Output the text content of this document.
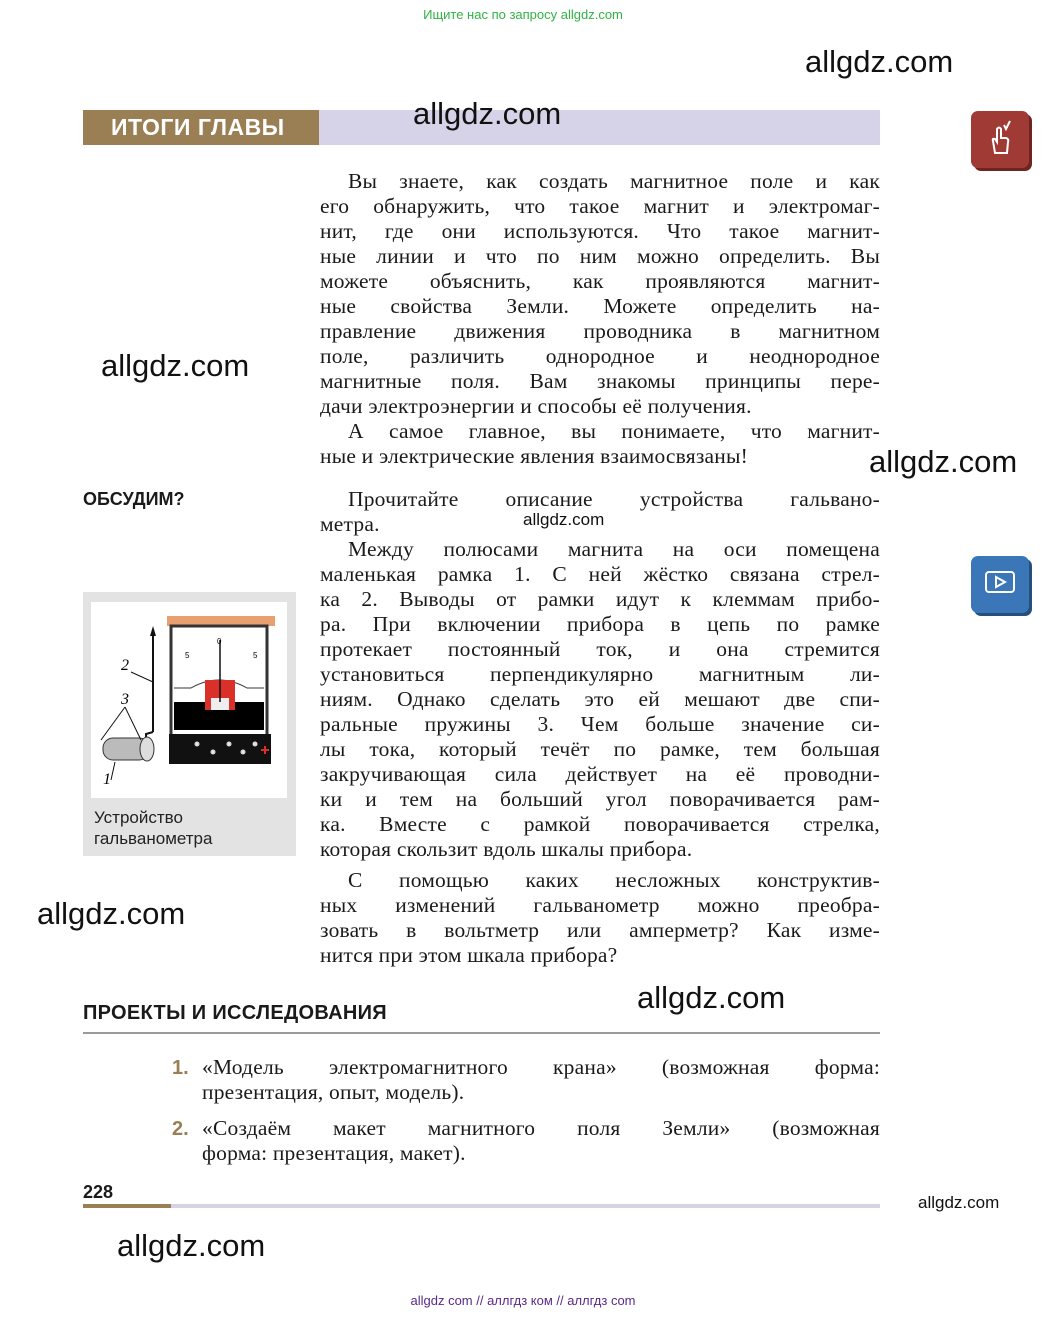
Ищите нас по запросу allgdz.com
ИТОГИ ГЛАВЫ
Вы знаете, как создать магнитное поле и как
его обнаружить, что такое магнит и электромаг-
нит, где они используются. Что такое магнит-
ные линии и что по ним можно определить. Вы
можете объяснить, как проявляются магнит-
ные свойства Земли. Можете определить на-
правление движения проводника в магнитном
поле, различить однородное и неоднородное
магнитные поля. Вам знакомы принципы пере-
дачи электроэнергии и способы её получения.
А самое главное, вы понимаете, что магнит-
ные и электрические явления взаимосвязаны!
ОБСУДИМ?	Прочитайте описание устройства гальвано-
метра.
Между полюсами магнита на оси помещена
маленькая рамка 1. С ней жёстко связана стрел-
ка 2. Выводы от рамки идут к клеммам прибо-
ра. При включении прибора в цепь по рамке
протекает постоянный ток, и она стремится
установиться перпендикулярно магнитным ли-
ниям. Однако сделать это ей мешают две спи-
ральные пружины 3. Чем больше значение си-
лы тока, который течёт по рамке, тем большая
закручивающая сила действует на её проводни-
ки и тем на больший угол поворачивается рам-
ка. Вместе с рамкой поворачивается стрелка,
которая скользит вдоль шкалы прибора.
С помощью каких несложных конструктив-
ных изменений гальванометр можно преобра-
зовать в вольтметр или амперметр? Как изме-
нится при этом шкала прибора?
2
3
1
5
0
5
Устройство
гальванометра
ПРОЕКТЫ И ИССЛЕДОВАНИЯ
1. «Модель электромагнитного крана» (возможная форма:
презентация, опыт, модель).
2. «Создаём макет магнитного поля Земли» (возможная
форма: презентация, макет).
228
allgdz.com
allgdz.com
allgdz.com
allgdz.com
allgdz.com
allgdz.com
allgdz.com
allgdz.com
allgdz.com
allgdz com // аллгдз ком // аллгдз com
